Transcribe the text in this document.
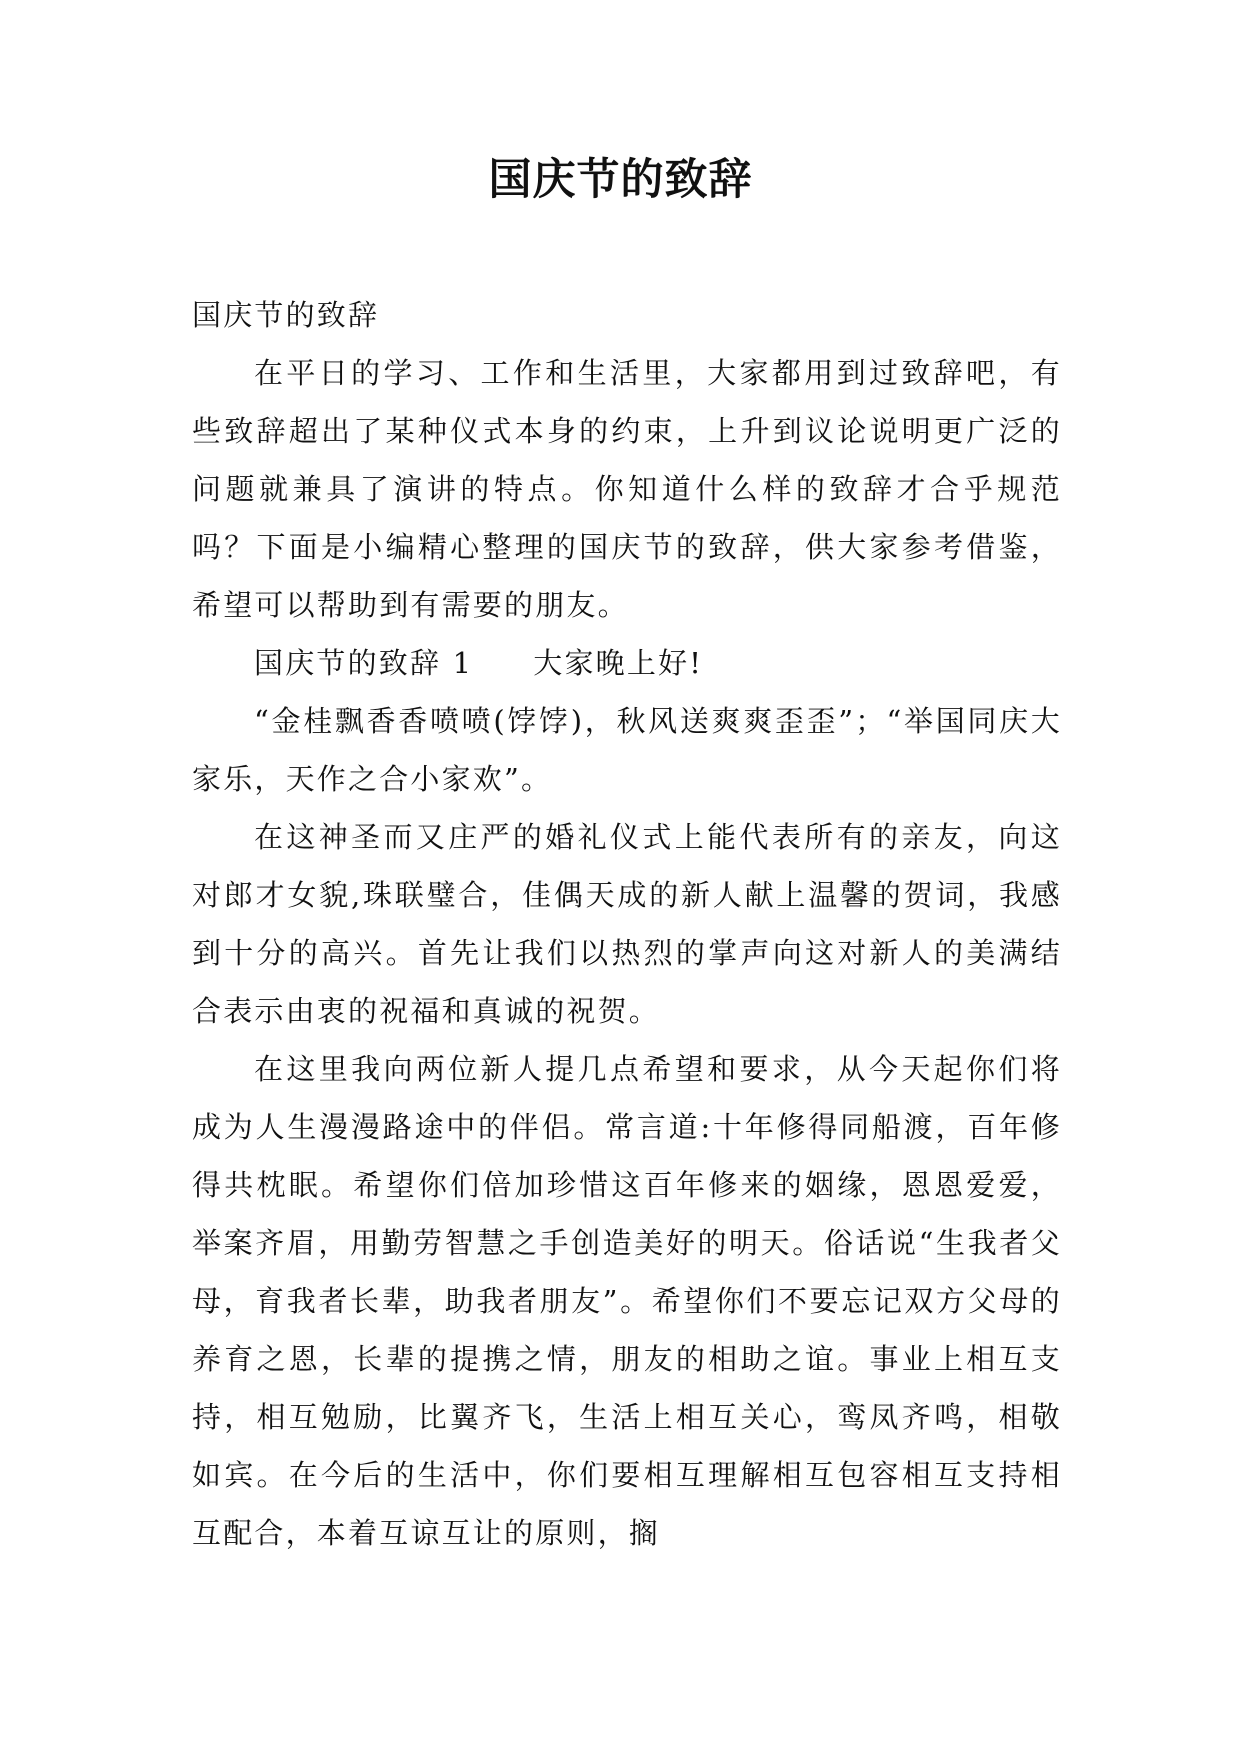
国庆节的致辞

国庆节的致辞

在平日的学习、工作和生活里，大家都用到过致辞吧，有些致辞超出了某种仪式本身的约束，上升到议论说明更广泛的问题就兼具了演讲的特点。你知道什么样的致辞才合乎规范吗？下面是小编精心整理的国庆节的致辞，供大家参考借鉴，希望可以帮助到有需要的朋友。

国庆节的致辞 1 大家晚上好!

“金桂飘香香喷喷(饽饽)，秋风送爽爽歪歪”；“举国同庆大家乐，天作之合小家欢”。

在这神圣而又庄严的婚礼仪式上能代表所有的亲友，向这对郎才女貌,珠联璧合，佳偶天成的新人献上温馨的贺词，我感到十分的高兴。首先让我们以热烈的掌声向这对新人的美满结合表示由衷的祝福和真诚的祝贺。

在这里我向两位新人提几点希望和要求，从今天起你们将成为人生漫漫路途中的伴侣。常言道:十年修得同船渡，百年修得共枕眠。希望你们倍加珍惜这百年修来的姻缘，恩恩爱爱，举案齐眉，用勤劳智慧之手创造美好的明天。俗话说“生我者父母，育我者长辈，助我者朋友”。希望你们不要忘记双方父母的养育之恩，长辈的提携之情，朋友的相助之谊。事业上相互支持，相互勉励，比翼齐飞，生活上相互关心，鸾凤齐鸣，相敬如宾。在今后的生活中，你们要相互理解相互包容相互支持相互配合，本着互谅互让的原则，搁
